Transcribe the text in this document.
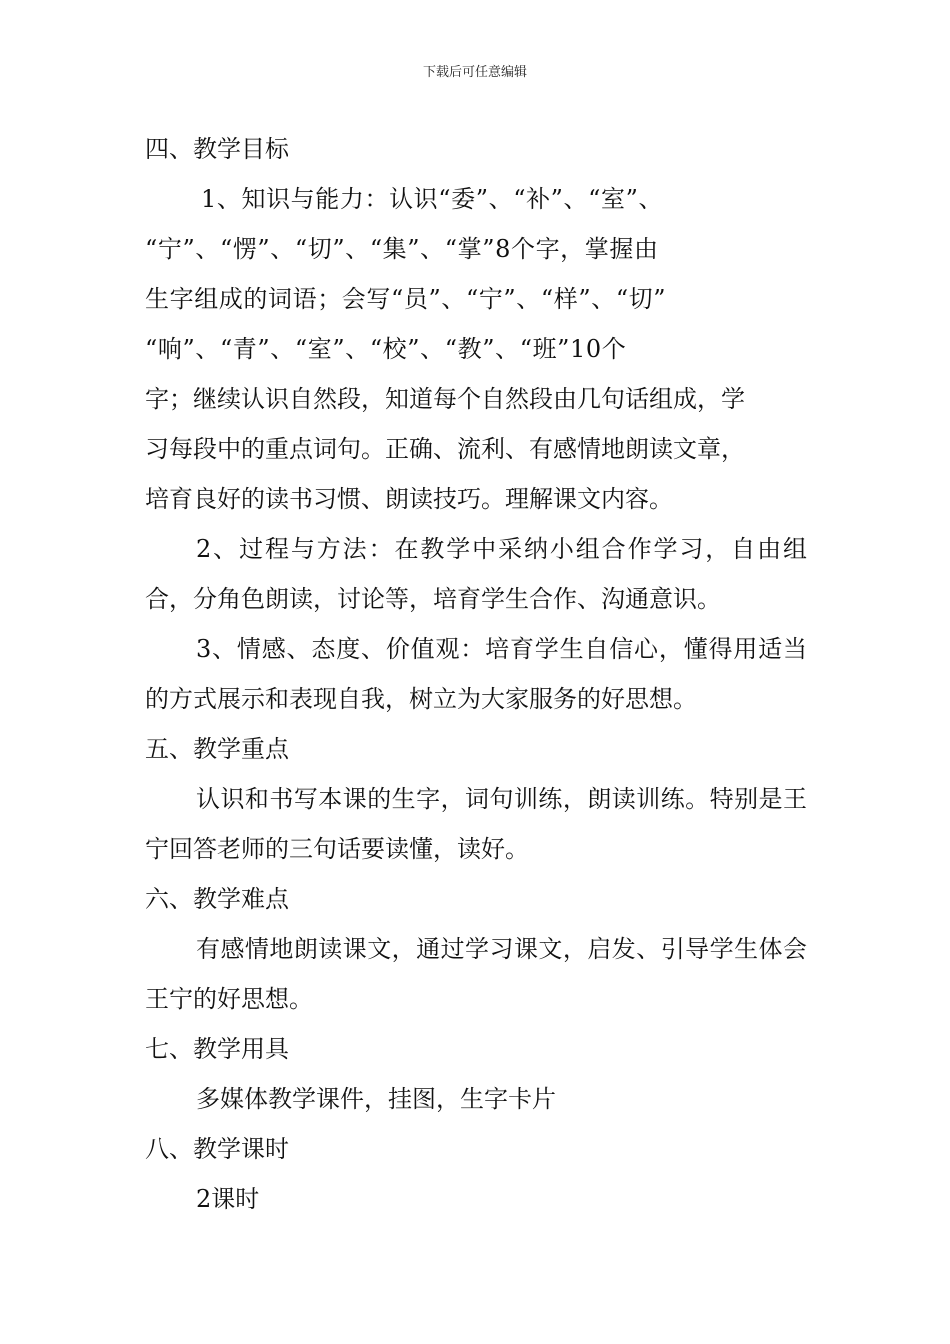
下载后可任意编辑

四、教学目标

1、知识与能力：认识“委”、“补”、“室”、
“宁”、“愣”、“切”、“集”、“掌”8个字，掌握由
生字组成的词语；会写“员”、“宁”、“样”、“切”
“响”、“青”、“室”、“校”、“教”、“班”10个
字；继续认识自然段，知道每个自然段由几句话组成，学
习每段中的重点词句。正确、流利、有感情地朗读文章，
培育良好的读书习惯、朗读技巧。理解课文内容。

2、过程与方法：在教学中采纳小组合作学习，自由组合，分角色朗读，讨论等，培育学生合作、沟通意识。

3、情感、态度、价值观：培育学生自信心，懂得用适当的方式展示和表现自我，树立为大家服务的好思想。

五、教学重点

认识和书写本课的生字，词句训练，朗读训练。特别是王宁回答老师的三句话要读懂，读好。

六、教学难点

有感情地朗读课文，通过学习课文，启发、引导学生体会王宁的好思想。

七、教学用具

多媒体教学课件，挂图，生字卡片

八、教学课时

2课时
